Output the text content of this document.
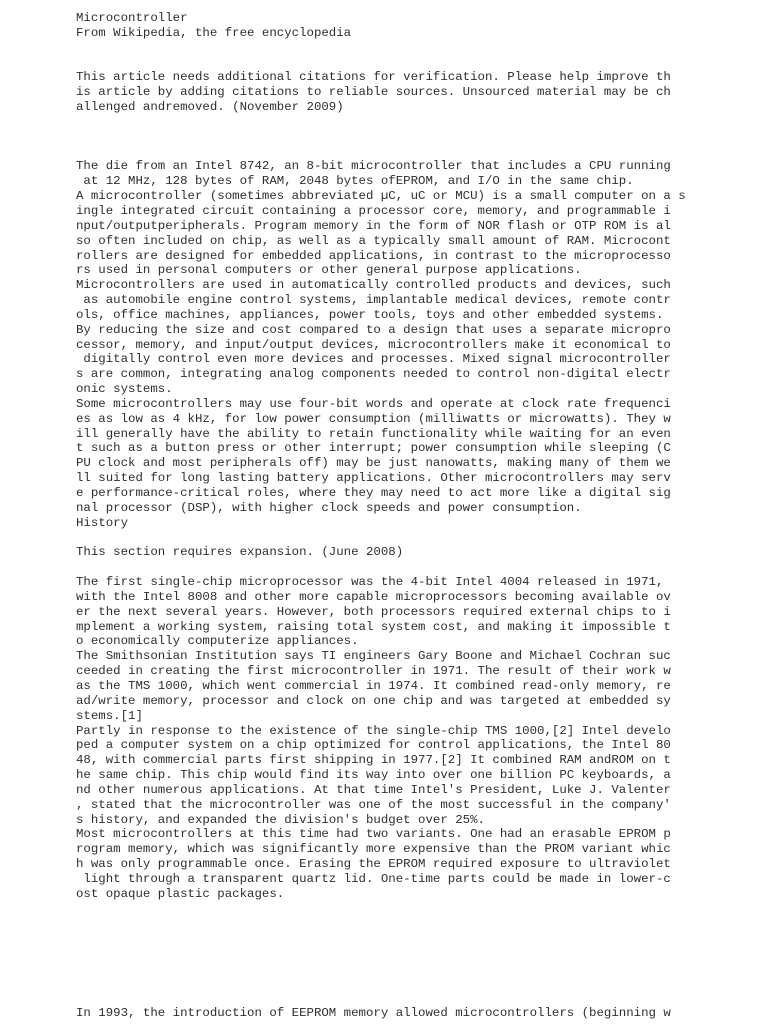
Microcontroller
From Wikipedia, the free encyclopedia
This article needs additional citations for verification. Please help improve th
is article by adding citations to reliable sources. Unsourced material may be ch
allenged andremoved. (November 2009)
The die from an Intel 8742, an 8-bit microcontroller that includes a CPU running
at 12 MHz, 128 bytes of RAM, 2048 bytes ofEPROM, and I/O in the same chip.
A microcontroller (sometimes abbreviated µC, uC or MCU) is a small computer on a s
ingle integrated circuit containing a processor core, memory, and programmable i
nput/outputperipherals. Program memory in the form of NOR flash or OTP ROM is al
so often included on chip, as well as a typically small amount of RAM. Microcont
rollers are designed for embedded applications, in contrast to the microprocesso
rs used in personal computers or other general purpose applications.
Microcontrollers are used in automatically controlled products and devices, such
as automobile engine control systems, implantable medical devices, remote contr
ols, office machines, appliances, power tools, toys and other embedded systems.
By reducing the size and cost compared to a design that uses a separate micropro
cessor, memory, and input/output devices, microcontrollers make it economical to
digitally control even more devices and processes. Mixed signal microcontroller
s are common, integrating analog components needed to control non-digital electr
onic systems.
Some microcontrollers may use four-bit words and operate at clock rate frequenci
es as low as 4 kHz, for low power consumption (milliwatts or microwatts). They w
ill generally have the ability to retain functionality while waiting for an even
t such as a button press or other interrupt; power consumption while sleeping (C
PU clock and most peripherals off) may be just nanowatts, making many of them we
ll suited for long lasting battery applications. Other microcontrollers may serv
e performance-critical roles, where they may need to act more like a digital sig
nal processor (DSP), with higher clock speeds and power consumption.
History
This section requires expansion. (June 2008)
The first single-chip microprocessor was the 4-bit Intel 4004 released in 1971,
with the Intel 8008 and other more capable microprocessors becoming available ov
er the next several years. However, both processors required external chips to i
mplement a working system, raising total system cost, and making it impossible t
o economically computerize appliances.
The Smithsonian Institution says TI engineers Gary Boone and Michael Cochran suc
ceeded in creating the first microcontroller in 1971. The result of their work w
as the TMS 1000, which went commercial in 1974. It combined read-only memory, re
ad/write memory, processor and clock on one chip and was targeted at embedded sy
stems.[1]
Partly in response to the existence of the single-chip TMS 1000,[2] Intel develo
ped a computer system on a chip optimized for control applications, the Intel 80
48, with commercial parts first shipping in 1977.[2] It combined RAM andROM on t
he same chip. This chip would find its way into over one billion PC keyboards, a
nd other numerous applications. At that time Intel's President, Luke J. Valenter
, stated that the microcontroller was one of the most successful in the company'
s history, and expanded the division's budget over 25%.
Most microcontrollers at this time had two variants. One had an erasable EPROM p
rogram memory, which was significantly more expensive than the PROM variant whic
h was only programmable once. Erasing the EPROM required exposure to ultraviolet
light through a transparent quartz lid. One-time parts could be made in lower-c
ost opaque plastic packages.
In 1993, the introduction of EEPROM memory allowed microcontrollers (beginning w
